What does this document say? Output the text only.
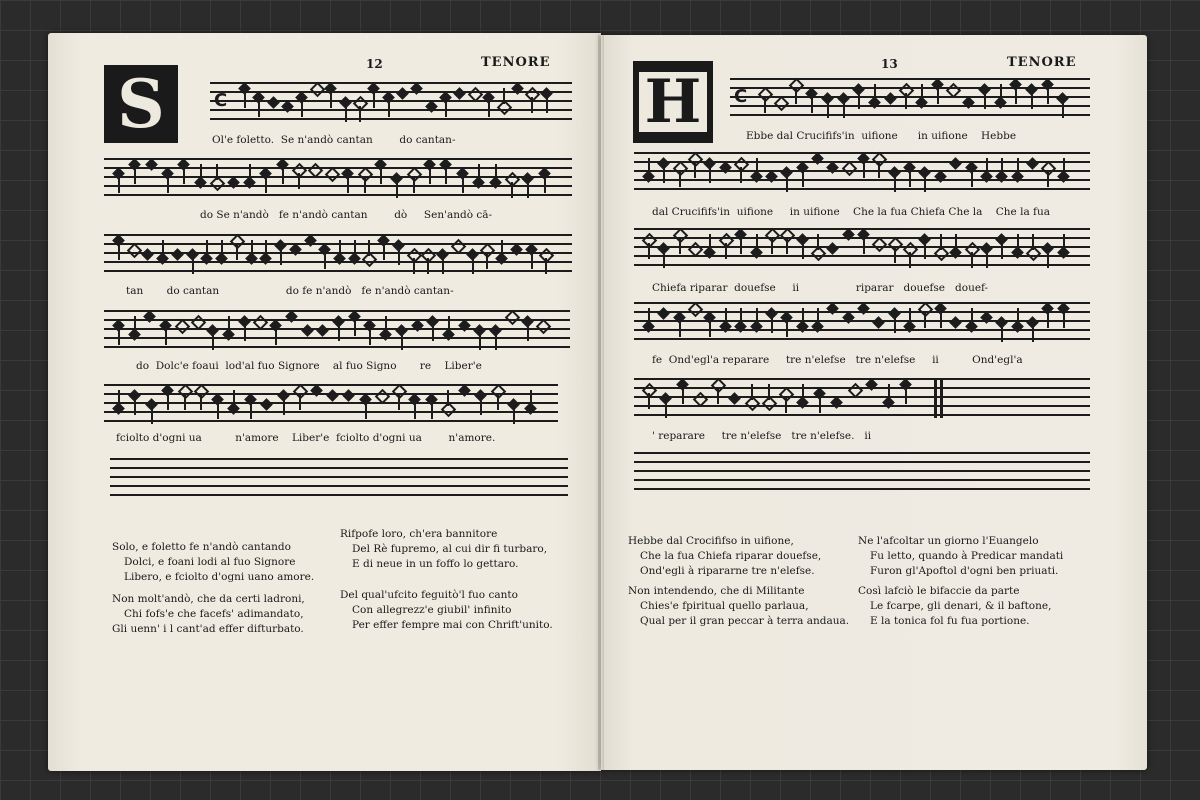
12	TENORE
S
13	TENORE
H
C	C
Ol'e foletto.  Se n'andò cantan        do cantan-
do Se n'andò   fe n'andò cantan        dò     Sen'andò cā-
tan       do cantan                    do fe n'andò   fe n'andò cantan-
do  Dolc'e foaui  lod'al fuo Signore    al fuo Signo       re    Liber'e
fciolto d'ogni ua          n'amore    Liber'e  fciolto d'ogni ua        n'amore.
Ebbe dal Crucififs'in  uifione      in uifione    Hebbe
dal Crucififs'in  uifione     in uifione    Che la fua Chiefa Che la    Che la fua
Chiefa riparar  douefse     ii                 riparar   douefse   douef-
fe  Ond'egl'a reparare     tre n'elefse   tre n'elefse     ii          Ond'egl'a
' reparare     tre n'elefse   tre n'elefse.   ii
Solo, e foletto fe n'andò cantando
Dolci, e foani lodi al fuo Signore
Libero, e fciolto d'ogni uano amore.
Rifpofe loro, ch'era bannitore
Del Rè fupremo, al cui dir fi turbaro,
E di neue in un foffo lo gettaro.
Non molt'andò, che da certi ladroni,
Chi fofs'e che facefs' adimandato,
Gli uenn' i l cant'ad effer difturbato.
Del qual'ufcito feguitò'l fuo canto
Con allegrezz'e giubil' infinito
Per effer fempre mai con Chrift'unito.
Hebbe dal Crocififso in uifione,
Che la fua Chiefa riparar douefse,
Ond'egli à ripararne tre n'elefse.
Ne l'afcoltar un giorno l'Euangelo
Fu letto, quando à Predicar mandati
Furon gl'Apoftol d'ogni ben priuati.
Non intendendo, che di Militante
Chies'e fpiritual quello parlaua,
Qual per il gran peccar à terra andaua.
Così lafciò le bifaccie da parte
Le fcarpe, gli denari, & il baftone,
E la tonica fol fu fua portione.
